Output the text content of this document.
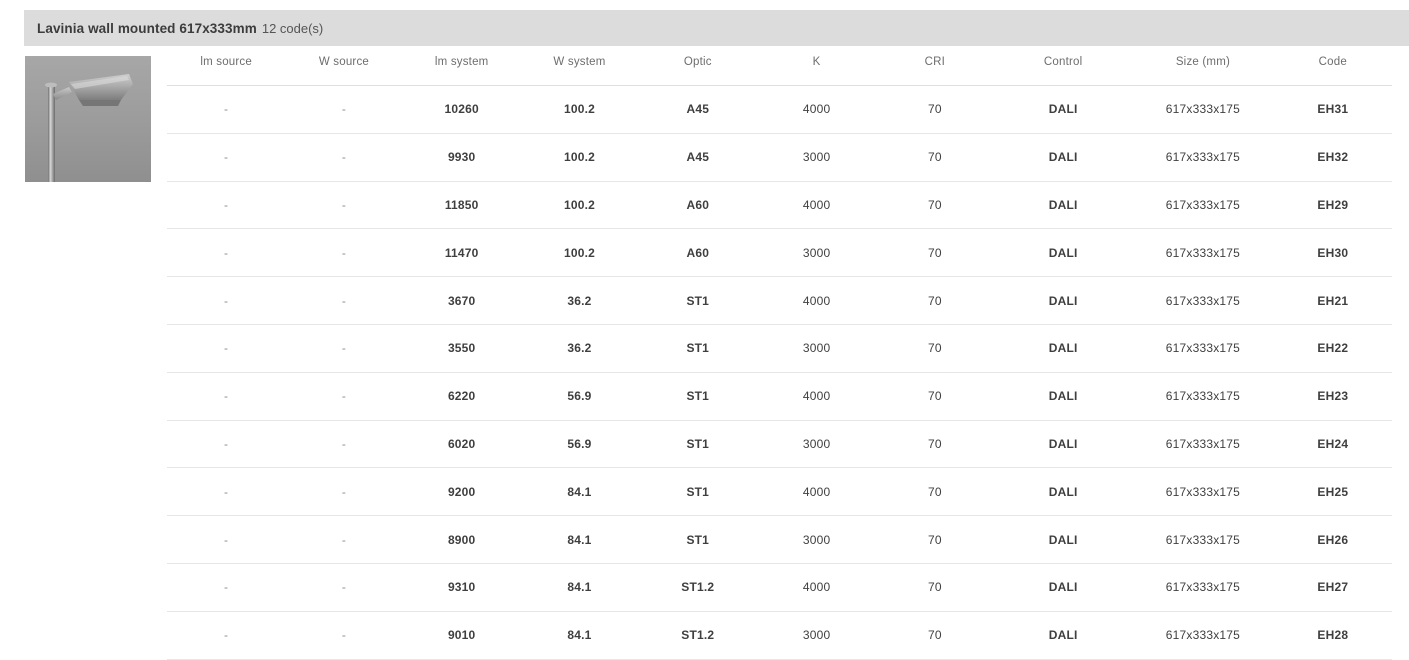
Lavinia wall mounted 617x333mm 12 code(s)
lm source	W source	lm system	W system	Optic	K	CRI	Control	Size (mm)	Code
-	-	10260	100.2	A45	4000	70	DALI	617x333x175	EH31
-	-	9930	100.2	A45	3000	70	DALI	617x333x175	EH32
-	-	11850	100.2	A60	4000	70	DALI	617x333x175	EH29
-	-	11470	100.2	A60	3000	70	DALI	617x333x175	EH30
-	-	3670	36.2	ST1	4000	70	DALI	617x333x175	EH21
-	-	3550	36.2	ST1	3000	70	DALI	617x333x175	EH22
-	-	6220	56.9	ST1	4000	70	DALI	617x333x175	EH23
-	-	6020	56.9	ST1	3000	70	DALI	617x333x175	EH24
-	-	9200	84.1	ST1	4000	70	DALI	617x333x175	EH25
-	-	8900	84.1	ST1	3000	70	DALI	617x333x175	EH26
-	-	9310	84.1	ST1.2	4000	70	DALI	617x333x175	EH27
-	-	9010	84.1	ST1.2	3000	70	DALI	617x333x175	EH28
